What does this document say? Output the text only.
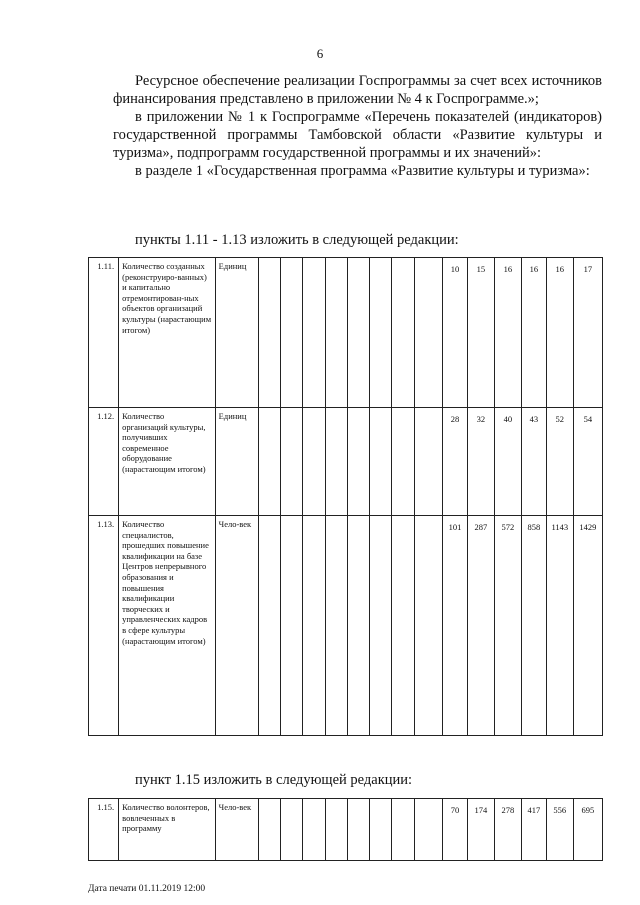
6

Ресурсное обеспечение реализации Госпрограммы за счет всех источников финансирования представлено в приложении № 4 к Госпрограмме.»;

в приложении № 1 к Госпрограмме «Перечень показателей (индикаторов) государственной программы Тамбовской области «Развитие культуры и туризма», подпрограмм государственной программы и их значений»:

в разделе 1 «Государственная программа «Развитие культуры и туризма»:

пункты 1.11 - 1.13 изложить в следующей редакции:
1.11.	Количество созданных (реконструиро-ванных) и капитально отремонтирован-ных объектов организаций культуры (нарастающим итогом)	Единиц									10	15	16	16	16	17
1.12.	Количество организаций культуры, получивших современное оборудование (нарастающим итогом)	Единиц									28	32	40	43	52	54
1.13.	Количество специалистов, прошедших повышение квалификации на базе Центров непрерывного образования и повышения квалификации творческих и управленческих кадров в сфере культуры (нарастающим итогом)	Чело-век									101	287	572	858	1143	1429
пункт 1.15 изложить в следующей редакции:
1.15.	Количество волонтеров, вовлеченных в программу	Чело-век									70	174	278	417	556	695
Дата печати 01.11.2019 12:00
